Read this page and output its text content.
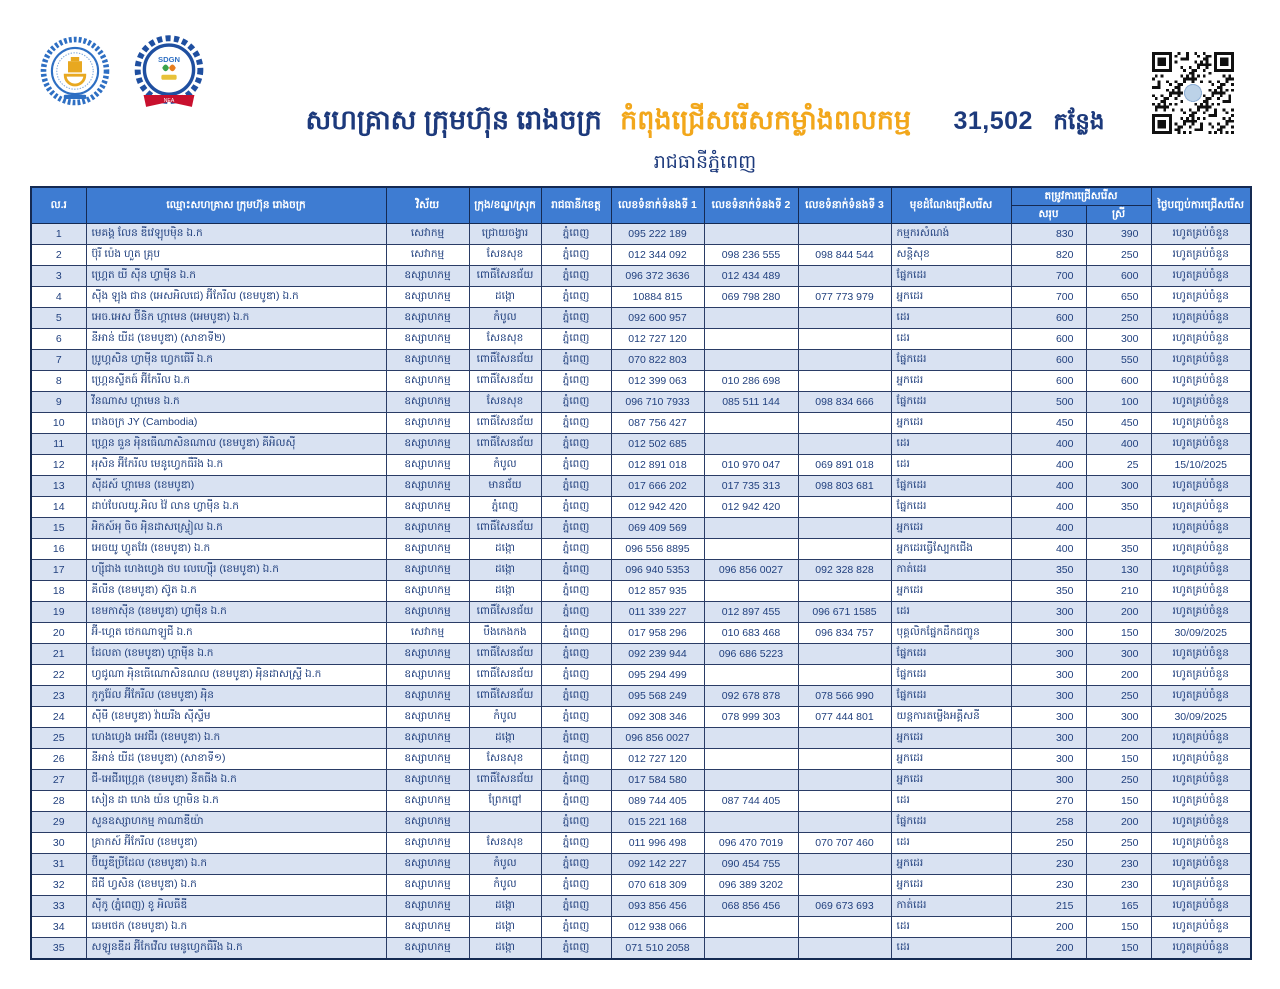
SDGN
NEA
សហគ្រាស ក្រុមហ៊ុន រោងចក្រ កំពុងជ្រើសរើសកម្លាំងពលកម្ម 31,502 កន្លែង
រាជធានីភ្នំពេញ
ល.រ	ឈ្មោះសហគ្រាស ក្រុមហ៊ុន រោងចក្រ	វិស័យ	ក្រុង/ខណ្ឌ/ស្រុក	រាជធានី/ខេត្ត	លេខទំនាក់ទំនងទី 1	លេខទំនាក់ទំនងទី 2	លេខទំនាក់ទំនងទី 3	មុខដំណែងជ្រើសរើស	តម្រូវការជ្រើសរើស		ថ្ងៃបញ្ចប់ការជ្រើសរើស
									សរុប	ស្រី	
1	មេគង្គ លែន ឌីវេឡុបមុិន ឯ.ក	សេវាកម្ម	ជ្រោយចង្វារ	ភ្នំពេញ	095 222 189			កម្មករសំណង់	830	390	រហូតគ្រប់ចំនួន
2	ប៊ុរី ប៉េង ហួត គ្រុប	សេវាកម្ម	សែនសុខ	ភ្នំពេញ	012 344 092	098 236 555	098 844 544	សន្តិសុខ	820	250	រហូតគ្រប់ចំនួន
3	ហ្គ្រេត យី ស៊ីន ហ្វាមុីន ឯ.ក	ឧស្សាហកម្ម	ពោធិ៍សែនជ័យ	ភ្នំពេញ	096 372 3636	012 434 489		ផ្នែកដេរ	700	600	រហូតគ្រប់ចំនួន
4	ស៊ីង ឡុង ជាន (អេសអិលជេ) អ៊ីកែរីល (ខេមបូឌា) ឯ.ក	ឧស្សាហកម្ម	ដង្កោ	ភ្នំពេញ	10884 815	069 798 280	077 773 979	អ្នកដេរ	700	650	រហូតគ្រប់ចំនួន
5	អេច.អេស ប៊ីនិក ហ្គាមេន (អេមបូឌា) ឯ.ក	ឧស្សាហកម្ម	កំបូល	ភ្នំពេញ	092 600 957			ដេរ	600	250	រហូតគ្រប់ចំនួន
6	នីអាន់ យីដ (ខេមបូឌា) (សាខាទី២)	ឧស្សាហកម្ម	សែនសុខ	ភ្នំពេញ	012 727 120			ដេរ	600	300	រហូតគ្រប់ចំនួន
7	ប្រូហ្គសិន ហ្វាមុីន ហ្វេកធើរី ឯ.ក	ឧស្សាហកម្ម	ពោធិ៍សែនជ័យ	ភ្នំពេញ	070 822 803			ផ្នែកដេរ	600	550	រហូតគ្រប់ចំនួន
8	ហ្គ្រេនស្ទីតធ៍ អ៊ីកែរីល ឯ.ក	ឧស្សាហកម្ម	ពោធិ៍សែនជ័យ	ភ្នំពេញ	012 399 063	010 286 698		អ្នកដេរ	600	600	រហូតគ្រប់ចំនួន
9	វីនណាស ហ្គាមេន ឯ.ក	ឧស្សាហកម្ម	សែនសុខ	ភ្នំពេញ	096 710 7933	085 511 144	098 834 666	ផ្នែកដេរ	500	100	រហូតគ្រប់ចំនួន
10	រោងចក្រ JY (Cambodia)	ឧស្សាហកម្ម	ពោធិ៍សែនជ័យ	ភ្នំពេញ	087 756 427			អ្នកដេរ	450	450	រហូតគ្រប់ចំនួន
11	ហ្គ្រេន ធួន អុិនធើណាសិនណាល (ខេមបូឌា) គីអិលស៊ី	ឧស្សាហកម្ម	ពោធិ៍សែនជ័យ	ភ្នំពេញ	012 502 685			ដេរ	400	400	រហូតគ្រប់ចំនួន
12	អុសិន អ៊ីកែរីល មេនូហ្វេកធឺរីង ឯ.ក	ឧស្សាហកម្ម	កំបូល	ភ្នំពេញ	012 891 018	010 970 047	069 891 018	ដេរ	400	25	15/10/2025
13	ស៊ីដស៍ ហ្គាមេន (ខេមបូឌា)	ឧស្សាហកម្ម	មានជ័យ	ភ្នំពេញ	017 666 202	017 735 313	098 803 681	ផ្នែកដេរ	400	300	រហូតគ្រប់ចំនួន
14	ដាប់បែលយូ.អិល វ៉ៃ លាន ហ្វាមុីន ឯ.ក	ឧស្សាហកម្ម	ភ្នំពេញ	ភ្នំពេញ	012 942 420	012 942 420		ផ្នែកដេរ	400	350	រហូតគ្រប់ចំនួន
15	អិកស៍អុ ចិច អុិនដាសស្រ្ទៀល ឯ.ក	ឧស្សាហកម្ម	ពោធិ៍សែនជ័យ	ភ្នំពេញ	069 409 569			អ្នកដេរ	400		រហូតគ្រប់ចំនួន
16	អេចយូ ហ្វូតវែរ (ខេមបូឌា) ឯ.ក	ឧស្សាហកម្ម	ដង្កោ	ភ្នំពេញ	096 556 8895			អ្នកដេរធ្វើស្បែកជើង	400	350	រហូតគ្រប់ចំនួន
17	ហ្ស៊ីជាង ហេងហ្វេង ថប លេហ្ស៊ើរ (ខេមបូឌា) ឯ.ក	ឧស្សាហកម្ម	ដង្កោ	ភ្នំពេញ	096 940 5353	096 856 0027	092 328 828	កាត់ដេរ	350	130	រហូតគ្រប់ចំនួន
18	គីលីន (ខេមបូឌា) ស៊ូត ឯ.ក	ឧស្សាហកម្ម	ដង្កោ	ភ្នំពេញ	012 857 935			អ្នកដេរ	350	210	រហូតគ្រប់ចំនួន
19	ខេមកាស៊ីន (ខេមបូឌា) ហ្វាមុីន ឯ.ក	ឧស្សាហកម្ម	ពោធិ៍សែនជ័យ	ភ្នំពេញ	011 339 227	012 897 455	096 671 1585	ដេរ	300	200	រហូតគ្រប់ចំនួន
20	អ៊ី-ហ្គេត ថេកណាឡូជី ឯ.ក	សេវាកម្ម	បឹងកេងកង	ភ្នំពេញ	017 958 296	010 683 468	096 834 757	បុគ្គលិកផ្នែកដឹកជញ្ជូន	300	150	30/09/2025
21	ដែលតា (ខេមបូឌា) ហ្គាមុីន ឯ.ក	ឧស្សាហកម្ម	ពោធិ៍សែនជ័យ	ភ្នំពេញ	092 239 944	096 686 5223		ផ្នែកដេរ	300	300	រហូតគ្រប់ចំនួន
22	ហ្វជូណា អុិនធើណោសិនណល (ខេមបូឌា) អុិនដាសស្រ្ទី ឯ.ក	ឧស្សាហកម្ម	ពោធិ៍សែនជ័យ	ភ្នំពេញ	095 294 499			ផ្នែកដេរ	300	200	រហូតគ្រប់ចំនួន
23	កូកូរ៉ែល អ៊ីកែរីល (ខេមបូឌា) អុិន	ឧស្សាហកម្ម	ពោធិ៍សែនជ័យ	ភ្នំពេញ	095 568 249	092 678 878	078 566 990	ផ្នែកដេរ	300	250	រហូតគ្រប់ចំនួន
24	ស៊ីមី (ខេមបូឌា) វ៉ាយរីង ស៊ីស្ទីម	ឧស្សាហកម្ម	កំបូល	ភ្នំពេញ	092 308 346	078 999 303	077 444 801	យន្តការតម្លើងអគ្គីសនី	300	300	30/09/2025
25	ហេងហ្វេង អេវជីរ (ខេមបូឌា) ឯ.ក	ឧស្សាហកម្ម	ដង្កោ	ភ្នំពេញ	096 856 0027			អ្នកដេរ	300	200	រហូតគ្រប់ចំនួន
26	នីអាន់ យីដ (ខេមបូឌា) (សាខាទី១)	ឧស្សាហកម្ម	សែនសុខ	ភ្នំពេញ	012 727 120			អ្នកដេរ	300	150	រហូតគ្រប់ចំនួន
27	ជី-អេជីរហ្គ្រេត (ខេមបូឌា) នីតធីង ឯ.ក	ឧស្សាហកម្ម	ពោធិ៍សែនជ័យ	ភ្នំពេញ	017 584 580			អ្នកដេរ	300	250	រហូតគ្រប់ចំនួន
28	សៀន ដា ហេង យ៉ន ហ្គាមិន ឯ.ក	ឧស្សាហកម្ម	ព្រែកព្នៅ	ភ្នំពេញ	089 744 405	087 744 405		ដេរ	270	150	រហូតគ្រប់ចំនួន
29	សួនឧស្សាហកម្ម កាណាឌីយ៉ា	ឧស្សាហកម្ម		ភ្នំពេញ	015 221 168			ផ្នែកដេរ	258	200	រហូតគ្រប់ចំនួន
30	គ្រាកស៍ អ៊ីកែរីល (ខេមបូឌា)	ឧស្សាហកម្ម	សែនសុខ	ភ្នំពេញ	011 996 498	096 470 7019	070 707 460	ដេរ	250	250	រហូតគ្រប់ចំនួន
31	ប៊ីយូឌីប្រីដែល (ខេមបូឌា) ឯ.ក	ឧស្សាហកម្ម	កំបូល	ភ្នំពេញ	092 142 227	090 454 755		អ្នកដេរ	230	230	រហូតគ្រប់ចំនួន
32	ជីជី ហ្វសិន (ខេមបូឌា) ឯ.ក	ឧស្សាហកម្ម	កំបូល	ភ្នំពេញ	070 618 309	096 389 3202		អ្នកដេរ	230	230	រហូតគ្រប់ចំនួន
33	ស៊ីកូ (ភ្នំពេញ) ខូ អិលធីឌី	ឧស្សាហកម្ម	ដង្កោ	ភ្នំពេញ	093 856 456	068 856 456	069 673 693	កាត់ដេរ	215	165	រហូតគ្រប់ចំនួន
34	ឆេមថេក (ខេមបូឌា) ឯ.ក	ឧស្សាហកម្ម	ដង្កោ	ភ្នំពេញ	012 938 066			ដេរ	200	150	រហូតគ្រប់ចំនួន
35	សឡូនឌីដ អ៊ីកែវើល មេនូហ្វេកធឺរីង ឯ.ក	ឧស្សាហកម្ម	ដង្កោ	ភ្នំពេញ	071 510 2058			ដេរ	200	150	រហូតគ្រប់ចំនួន
